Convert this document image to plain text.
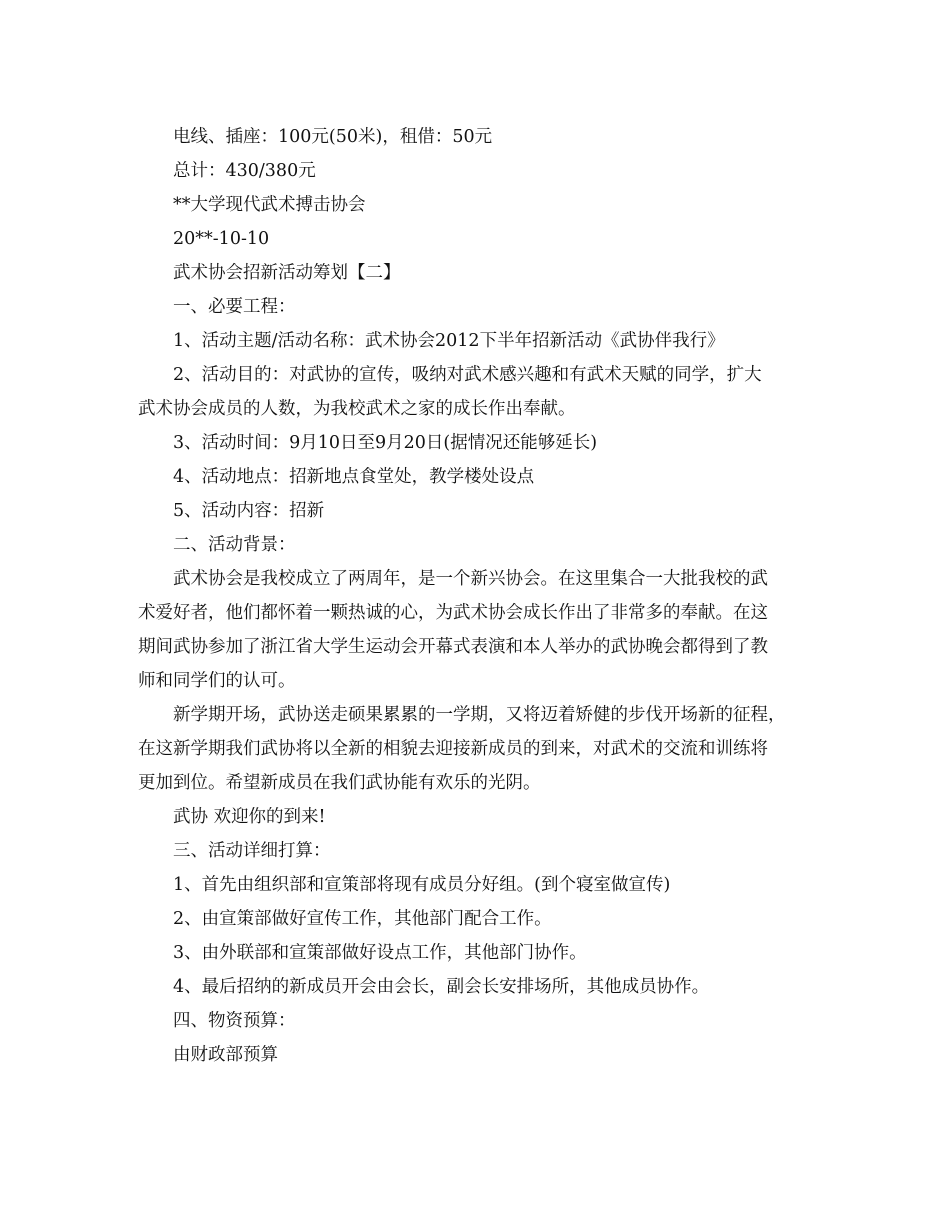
电线、插座：100元(50米)，租借：50元

总计：430/380元

**大学现代武术搏击协会

20**-10-10

武术协会招新活动筹划【二】

一、必要工程：

1、活动主题/活动名称：武术协会2012下半年招新活动《武协伴我行》

2、活动目的：对武协的宣传，吸纳对武术感兴趣和有武术天赋的同学，扩大
武术协会成员的人数，为我校武术之家的成长作出奉献。

3、活动时间：9月10日至9月20日(据情况还能够延长)

4、活动地点：招新地点食堂处，教学楼处设点

5、活动内容：招新

二、活动背景：

武术协会是我校成立了两周年，是一个新兴协会。在这里集合一大批我校的武
术爱好者，他们都怀着一颗热诚的心，为武术协会成长作出了非常多的奉献。在这
期间武协参加了浙江省大学生运动会开幕式表演和本人举办的武协晚会都得到了教
师和同学们的认可。

新学期开场，武协送走硕果累累的一学期，又将迈着矫健的步伐开场新的征程，
在这新学期我们武协将以全新的相貌去迎接新成员的到来，对武术的交流和训练将
更加到位。希望新成员在我们武协能有欢乐的光阴。

武协 欢迎你的到来!

三、活动详细打算：

1、首先由组织部和宣策部将现有成员分好组。(到个寝室做宣传)

2、由宣策部做好宣传工作，其他部门配合工作。

3、由外联部和宣策部做好设点工作，其他部门协作。

4、最后招纳的新成员开会由会长，副会长安排场所，其他成员协作。

四、物资预算：

由财政部预算
